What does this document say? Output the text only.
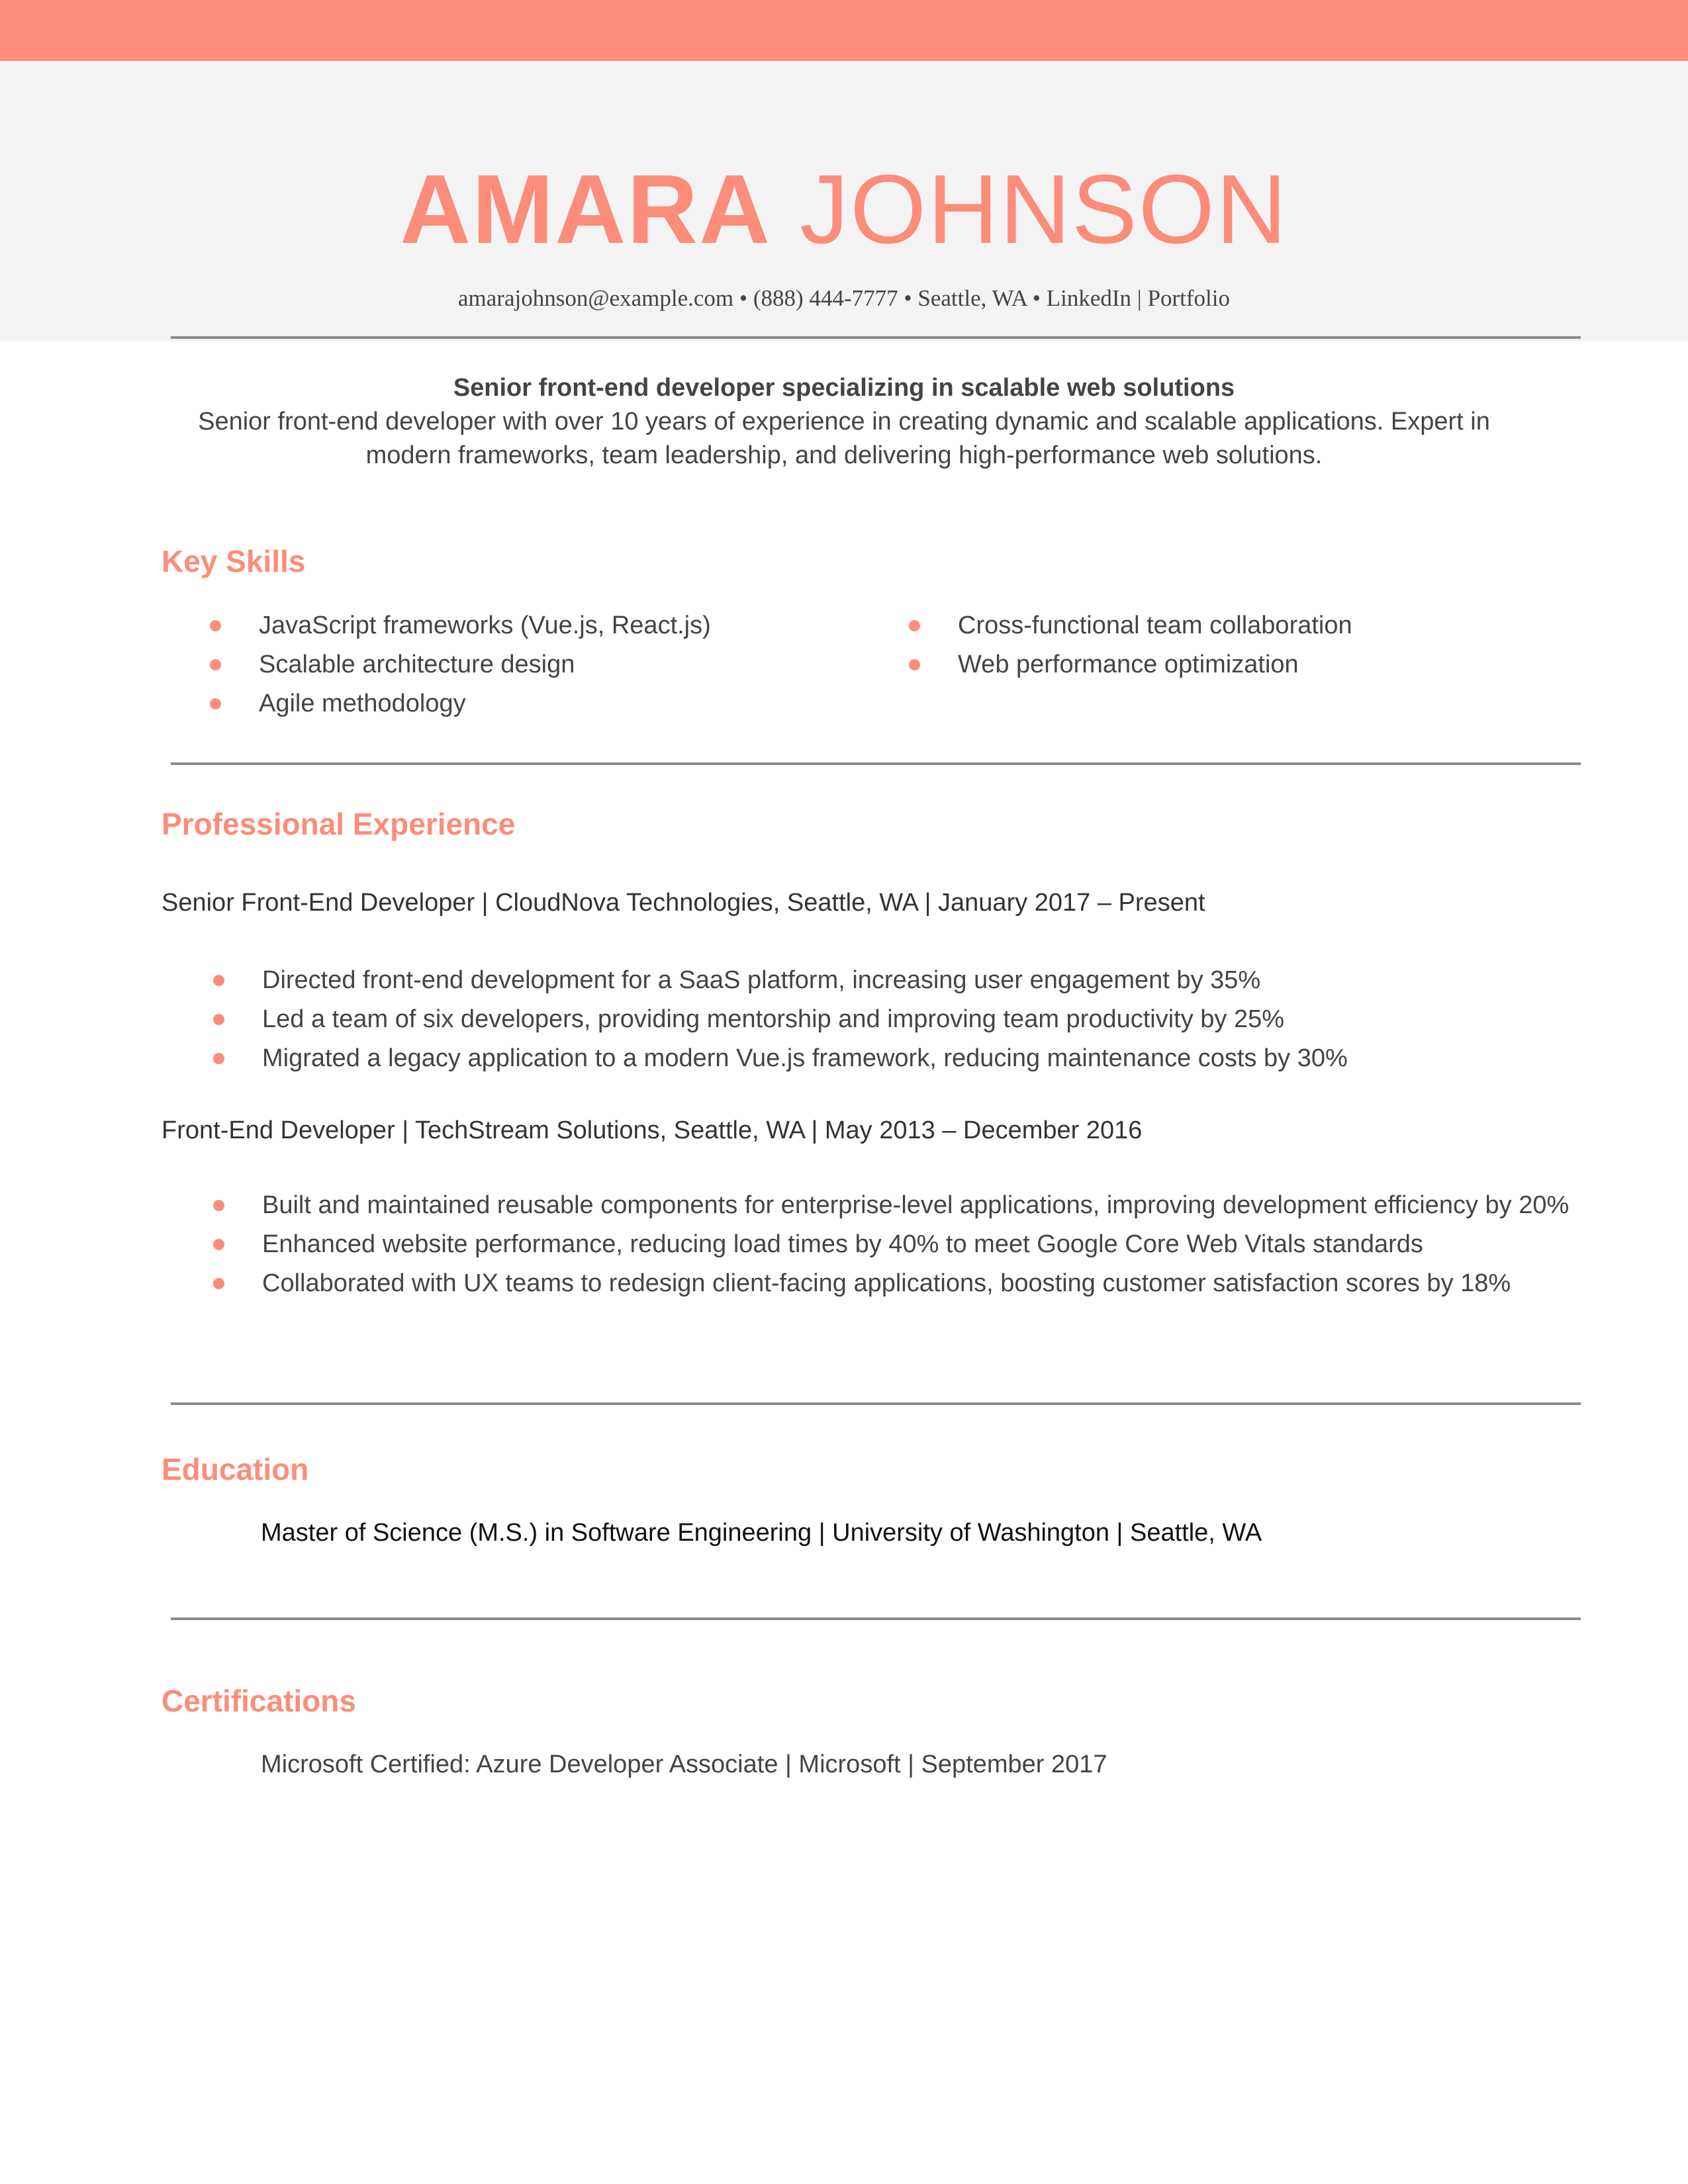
AMARA JOHNSON
amarajohnson@example.com • (888) 444-7777 • Seattle, WA • LinkedIn | Portfolio
Senior front-end developer specializing in scalable web solutions
Senior front-end developer with over 10 years of experience in creating dynamic and scalable applications. Expert in modern frameworks, team leadership, and delivering high-performance web solutions.
Key Skills
JavaScript frameworks (Vue.js, React.js)
Scalable architecture design
Agile methodology
Cross-functional team collaboration
Web performance optimization
Professional Experience
Senior Front-End Developer | CloudNova Technologies, Seattle, WA | January 2017 – Present
Directed front-end development for a SaaS platform, increasing user engagement by 35%
Led a team of six developers, providing mentorship and improving team productivity by 25%
Migrated a legacy application to a modern Vue.js framework, reducing maintenance costs by 30%
Front-End Developer | TechStream Solutions, Seattle, WA | May 2013 – December 2016
Built and maintained reusable components for enterprise-level applications, improving development efficiency by 20%
Enhanced website performance, reducing load times by 40% to meet Google Core Web Vitals standards
Collaborated with UX teams to redesign client-facing applications, boosting customer satisfaction scores by 18%
Education
Master of Science (M.S.) in Software Engineering | University of Washington | Seattle, WA
Certifications
Microsoft Certified: Azure Developer Associate | Microsoft | September 2017
